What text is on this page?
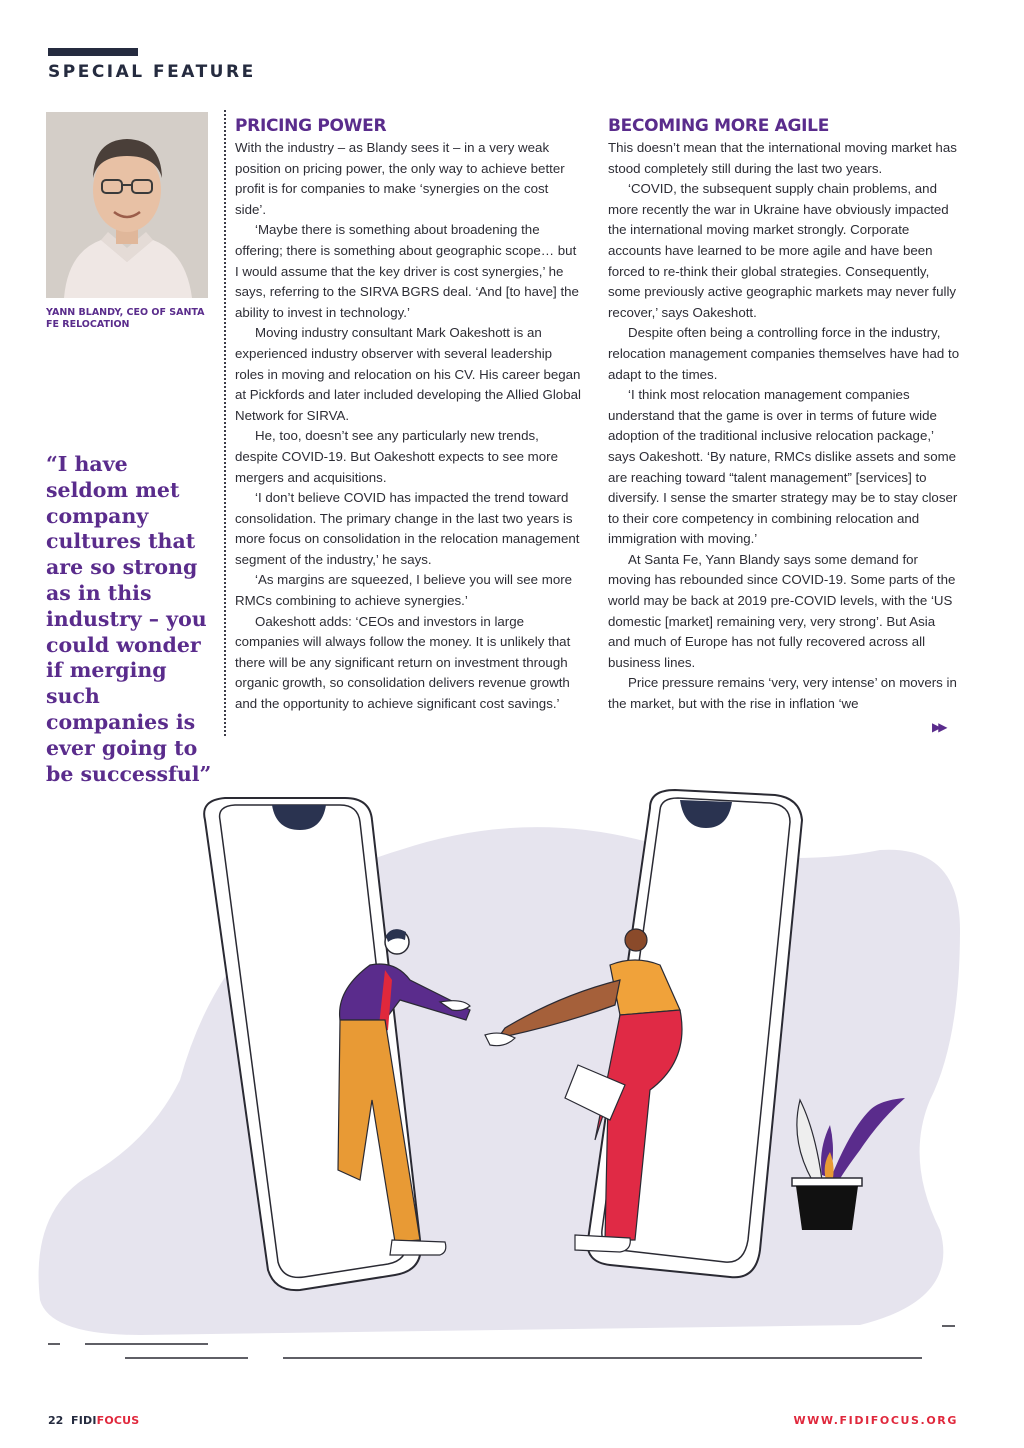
SPECIAL FEATURE
YANN BLANDY, CEO OF SANTA FE RELOCATION
“I have seldom met company cultures that are so strong as in this industry – you could wonder if merging such companies is ever going to be successful”
PRICING POWER

With the industry – as Blandy sees it – in a very weak position on pricing power, the only way to achieve better profit is for companies to make ‘synergies on the cost side’.

‘Maybe there is something about broadening the offering; there is something about geographic scope… but I would assume that the key driver is cost synergies,’ he says, referring to the SIRVA BGRS deal. ‘And [to have] the ability to invest in technology.’

Moving industry consultant Mark Oakeshott is an experienced industry observer with several leadership roles in moving and relocation on his CV. His career began at Pickfords and later included developing the Allied Global Network for SIRVA.

He, too, doesn’t see any particularly new trends, despite COVID-19. But Oakeshott expects to see more mergers and acquisitions.

‘I don’t believe COVID has impacted the trend toward consolidation. The primary change in the last two years is more focus on consolidation in the relocation management segment of the industry,’ he says.

‘As margins are squeezed, I believe you will see more RMCs combining to achieve synergies.’

Oakeshott adds: ‘CEOs and investors in large companies will always follow the money. It is unlikely that there will be any significant return on investment through organic growth, so consolidation delivers revenue growth and the opportunity to achieve significant cost savings.’

BECOMING MORE AGILE

This doesn’t mean that the international moving market has stood completely still during the last two years.

‘COVID, the subsequent supply chain problems, and more recently the war in Ukraine have obviously impacted the international moving market strongly. Corporate accounts have learned to be more agile and have been forced to re-think their global strategies. Consequently, some previously active geographic markets may never fully recover,’ says Oakeshott.

Despite often being a controlling force in the industry, relocation management companies themselves have had to adapt to the times.

‘I think most relocation management companies understand that the game is over in terms of future wide adoption of the traditional inclusive relocation package,’ says Oakeshott. ‘By nature, RMCs dislike assets and some are reaching toward “talent management” [services] to diversify. I sense the smarter strategy may be to stay closer to their core competency in combining relocation and immigration with moving.’

At Santa Fe, Yann Blandy says some demand for moving has rebounded since COVID-19. Some parts of the world may be back at 2019 pre-COVID levels, with the ‘US domestic [market] remaining very, very strong’. But Asia and much of Europe has not fully recovered across all business lines.

Price pressure remains ‘very, very intense’ on movers in the market, but with the rise in inflation ‘we

▶▶
22 FIDIFOCUS	WWW.FIDIFOCUS.ORG
